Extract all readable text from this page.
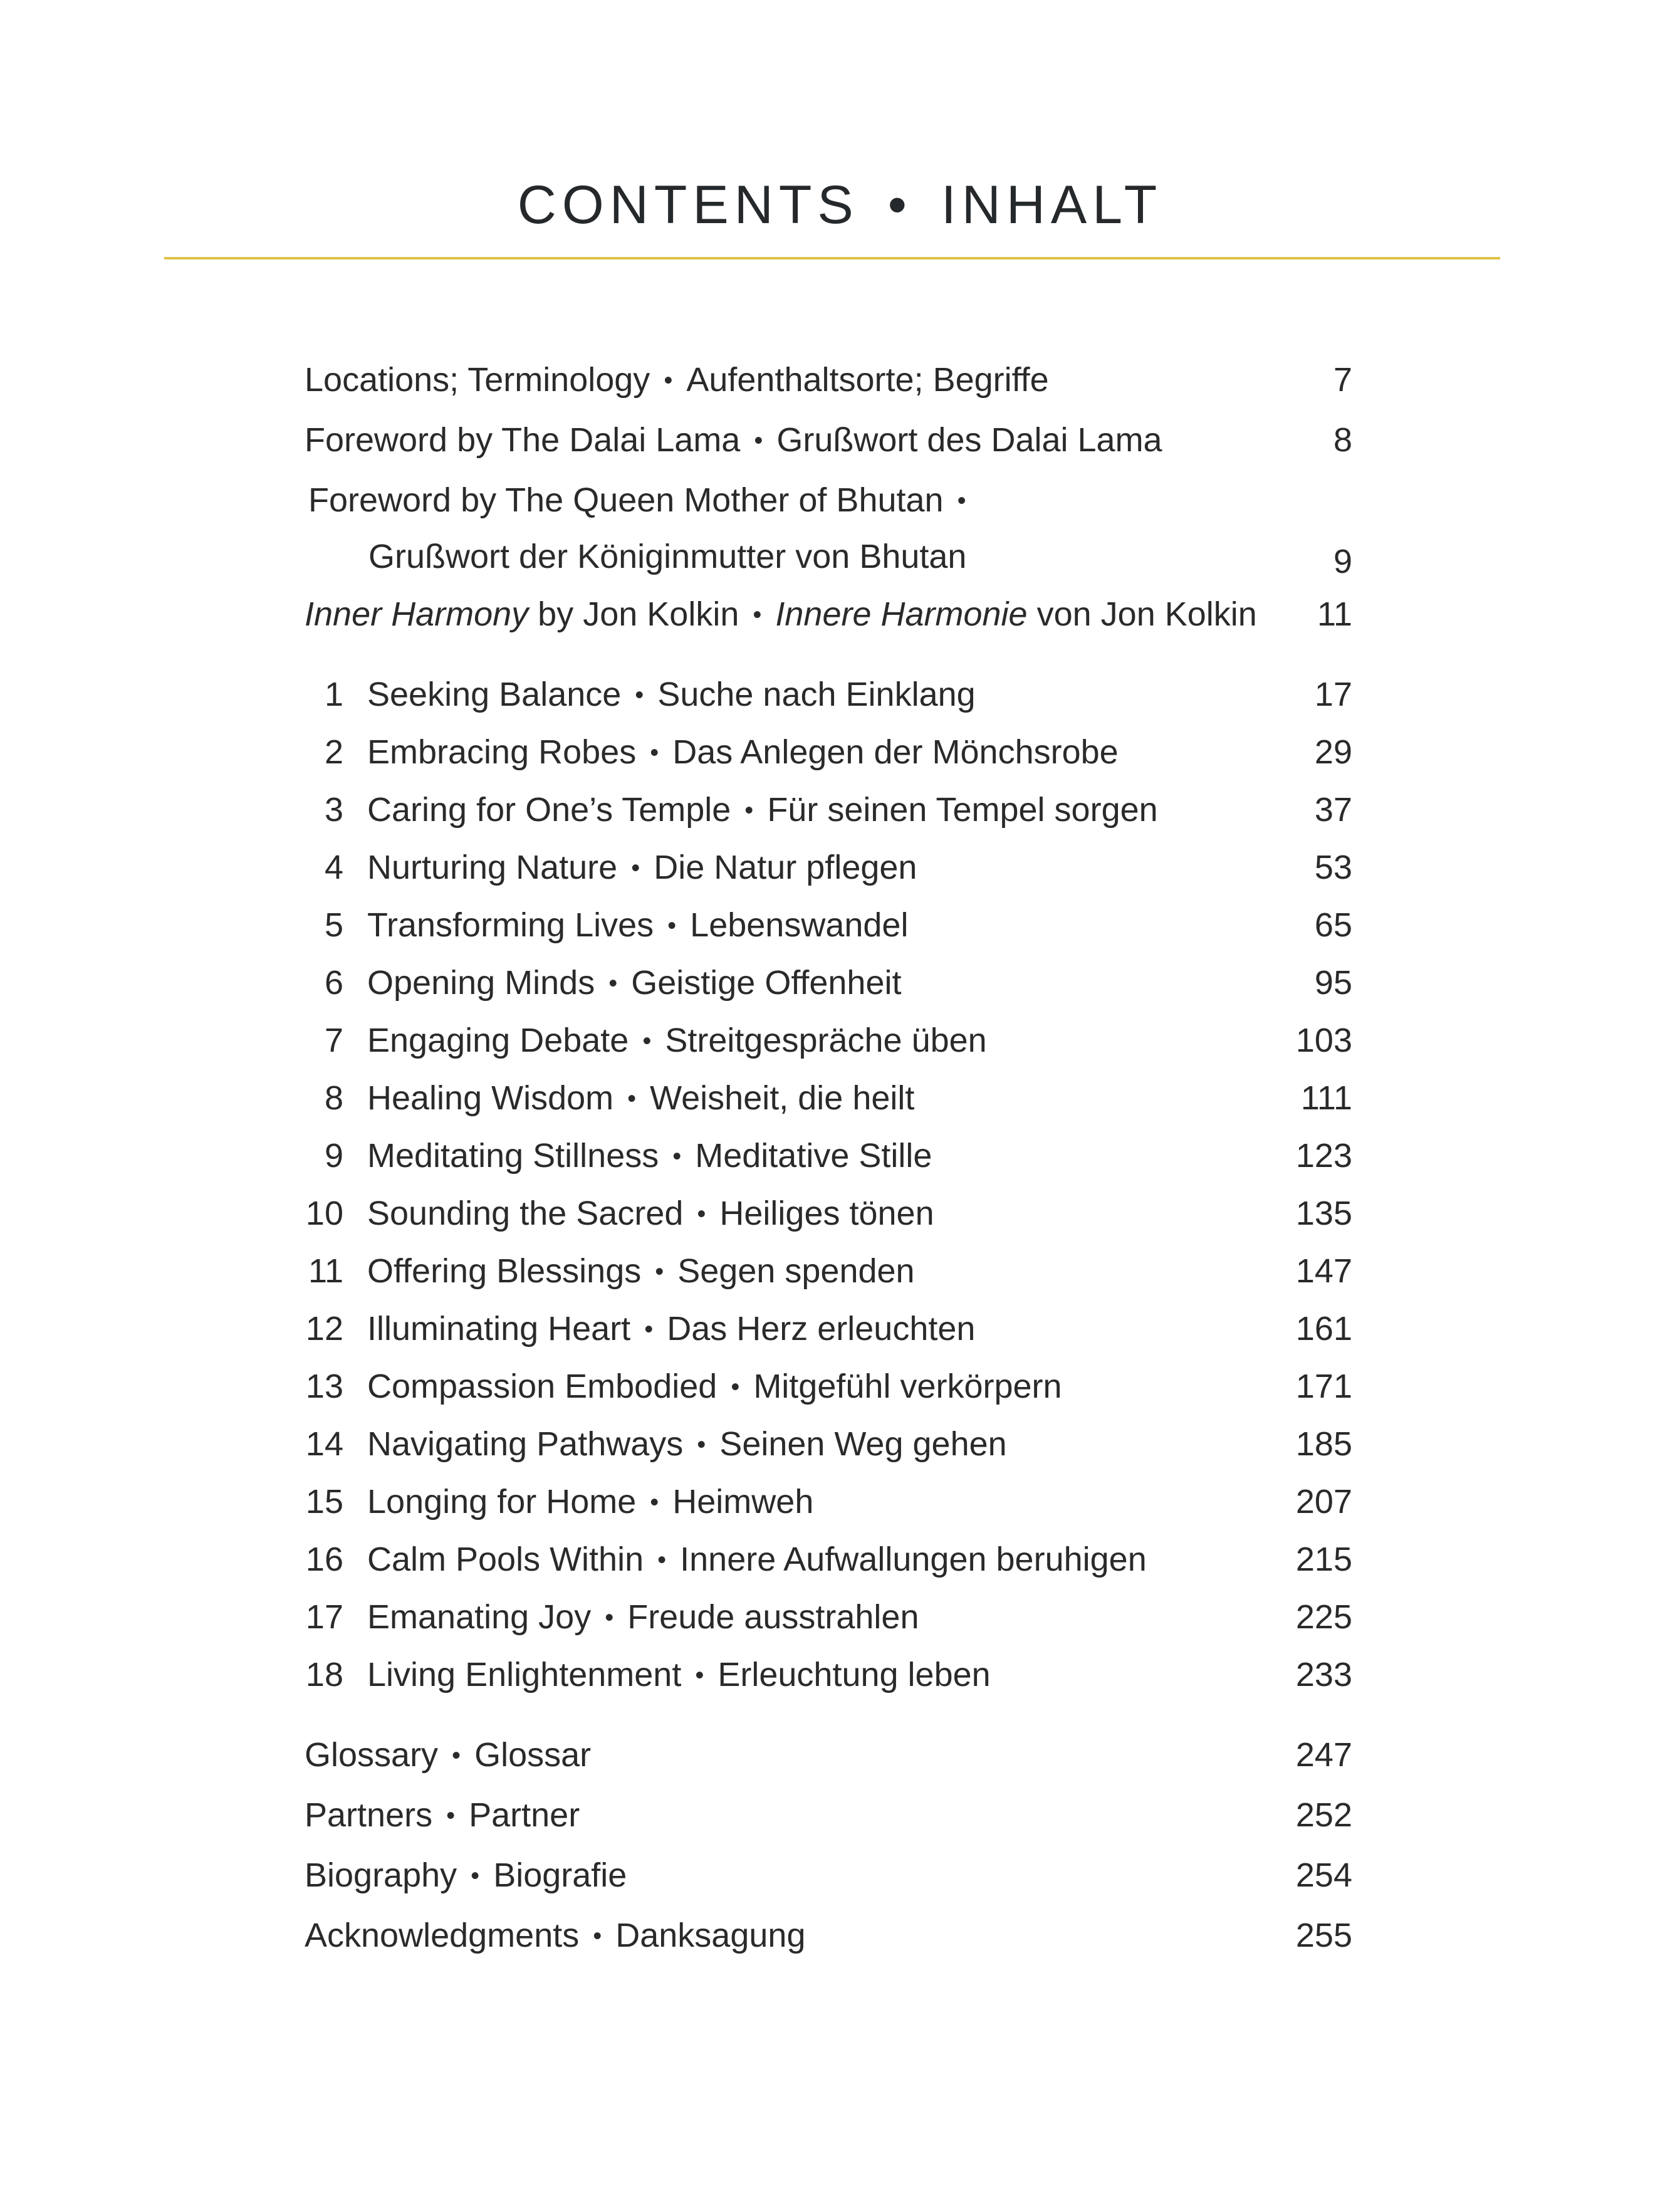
CONTENTS • INHALT
Locations; Terminology • Aufenthaltsorte; Begriffe	7
Foreword by The Dalai Lama • Grußwort des Dalai Lama	8
Foreword by The Queen Mother of Bhutan •
Grußwort der Königinmutter von Bhutan	9
Inner Harmony by Jon Kolkin • Innere Harmonie von Jon Kolkin 11
1 Seeking Balance • Suche nach Einklang	17
2 Embracing Robes • Das Anlegen der Mönchsrobe	29
3 Caring for One’s Temple • Für seinen Tempel sorgen	37
4 Nurturing Nature • Die Natur pflegen	53
5 Transforming Lives • Lebenswandel	65
6 Opening Minds • Geistige Offenheit	95
7 Engaging Debate • Streitgespräche üben	103
8 Healing Wisdom • Weisheit, die heilt	111
9 Meditating Stillness • Meditative Stille	123
10 Sounding the Sacred • Heiliges tönen	135
11 Offering Blessings • Segen spenden	147
12 Illuminating Heart • Das Herz erleuchten	161
13 Compassion Embodied • Mitgefühl verkörpern	171
14 Navigating Pathways • Seinen Weg gehen	185
15 Longing for Home • Heimweh	207
16 Calm Pools Within • Innere Aufwallungen beruhigen	215
17 Emanating Joy • Freude ausstrahlen	225
18 Living Enlightenment • Erleuchtung leben	233
Glossary • Glossar	247
Partners • Partner	252
Biography • Biografie	254
Acknowledgments • Danksagung	255
